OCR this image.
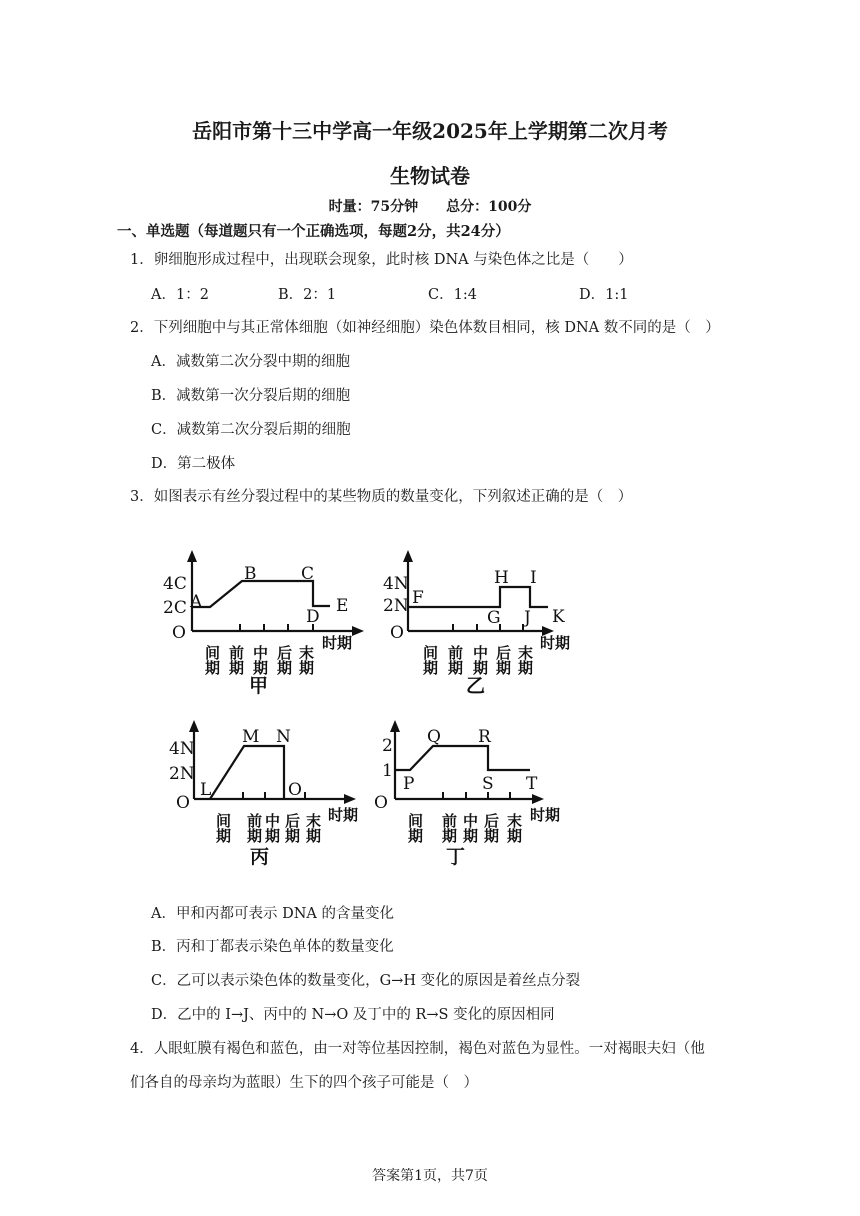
岳阳市第十三中学高一年级2025年上学期第二次月考
生物试卷
时量：75分钟　　总分：100分
一、单选题（每道题只有一个正确选项，每题2分，共24分）
1．卵细胞形成过程中，出现联会现象，此时核 DNA 与染色体之比是（　　）
A．1：2	B．2：1	C．1:4	D．1:1
2．下列细胞中与其正常体细胞（如神经细胞）染色体数目相同，核 DNA 数不同的是（　）
A．减数第二次分裂中期的细胞
B．减数第一次分裂后期的细胞
C．减数第二次分裂后期的细胞
D．第二极体
3．如图表示有丝分裂过程中的某些物质的数量变化，下列叙述正确的是（　）
O
4C
2C A
B	C
D
E
间期 前期 中期 后期 末期
时期
甲
O
4N
2N F
G
H I
J K
间期 前期 中期 后期 末期
时期
乙
O
4N
2N
L
M N
O
间期 前期 中期 后期 末期 时期
丙
O
2
1
P
Q R
S T
间期 前期 中期 后期 末期 时期
丁
A．甲和丙都可表示 DNA 的含量变化
B．丙和丁都表示染色单体的数量变化
C．乙可以表示染色体的数量变化，G→H 变化的原因是着丝点分裂
D．乙中的 I→J、丙中的 N→O 及丁中的 R→S 变化的原因相同
4．人眼虹膜有褐色和蓝色，由一对等位基因控制，褐色对蓝色为显性。一对褐眼夫妇（他
们各自的母亲均为蓝眼）生下的四个孩子可能是（　）
答案第1页，共7页
